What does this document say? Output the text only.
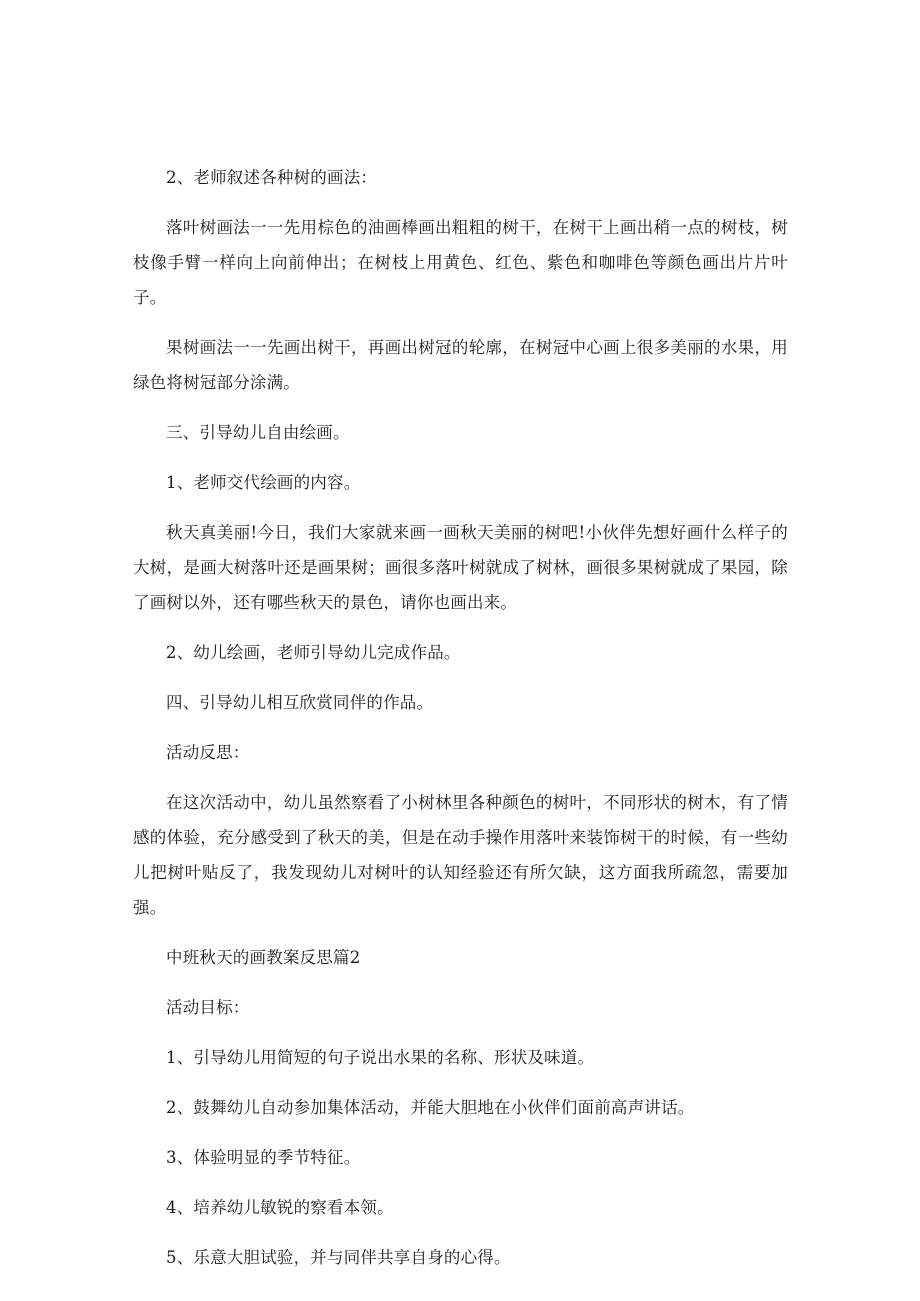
2、老师叙述各种树的画法：

落叶树画法一一先用棕色的油画棒画出粗粗的树干，在树干上画出稍一点的树枝，树枝像手臂一样向上向前伸出；在树枝上用黄色、红色、紫色和咖啡色等颜色画出片片叶子。

果树画法一一先画出树干，再画出树冠的轮廓，在树冠中心画上很多美丽的水果，用绿色将树冠部分涂满。

三、引导幼儿自由绘画。

1、老师交代绘画的内容。

秋天真美丽!今日，我们大家就来画一画秋天美丽的树吧!小伙伴先想好画什么样子的大树，是画大树落叶还是画果树；画很多落叶树就成了树林，画很多果树就成了果园，除了画树以外，还有哪些秋天的景色，请你也画出来。

2、幼儿绘画，老师引导幼儿完成作品。

四、引导幼儿相互欣赏同伴的作品。

活动反思：

在这次活动中，幼儿虽然察看了小树林里各种颜色的树叶，不同形状的树木，有了情感的体验，充分感受到了秋天的美，但是在动手操作用落叶来装饰树干的时候，有一些幼儿把树叶贴反了，我发现幼儿对树叶的认知经验还有所欠缺，这方面我所疏忽，需要加强。

中班秋天的画教案反思篇2

活动目标：

1、引导幼儿用简短的句子说出水果的名称、形状及味道。

2、鼓舞幼儿自动参加集体活动，并能大胆地在小伙伴们面前高声讲话。

3、体验明显的季节特征。

4、培养幼儿敏锐的察看本领。

5、乐意大胆试验，并与同伴共享自身的心得。
